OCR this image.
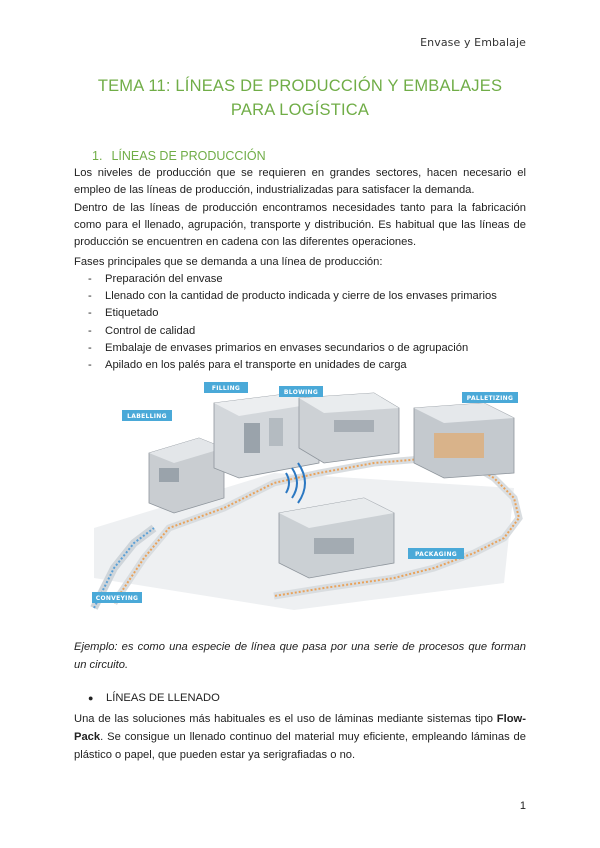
Envase y Embalaje
TEMA 11: LÍNEAS DE PRODUCCIÓN Y EMBALAJES PARA LOGÍSTICA
1. LÍNEAS DE PRODUCCIÓN
Los niveles de producción que se requieren en grandes sectores, hacen necesario el empleo de las líneas de producción, industrializadas para satisfacer la demanda.
Dentro de las líneas de producción encontramos necesidades tanto para la fabricación como para el llenado, agrupación, transporte y distribución. Es habitual que las líneas de producción se encuentren en cadena con las diferentes operaciones.
Fases principales que se demanda a una línea de producción:
- Preparación del envase
- Llenado con la cantidad de producto indicada y cierre de los envases primarios
- Etiquetado
- Control de calidad
- Embalaje de envases primarios en envases secundarios o de agrupación
- Apilado en los palés para el transporte en unidades de carga
FILLING
BLOWING
LABELLING
PALLETIZING
PACKAGING
CONVEYING
Ejemplo: es como una especie de línea que pasa por una serie de procesos que forman un circuito.
● LÍNEAS DE LLENADO
Una de las soluciones más habituales es el uso de láminas mediante sistemas tipo Flow-Pack. Se consigue un llenado continuo del material muy eficiente, empleando láminas de plástico o papel, que pueden estar ya serigrafiadas o no.
1
